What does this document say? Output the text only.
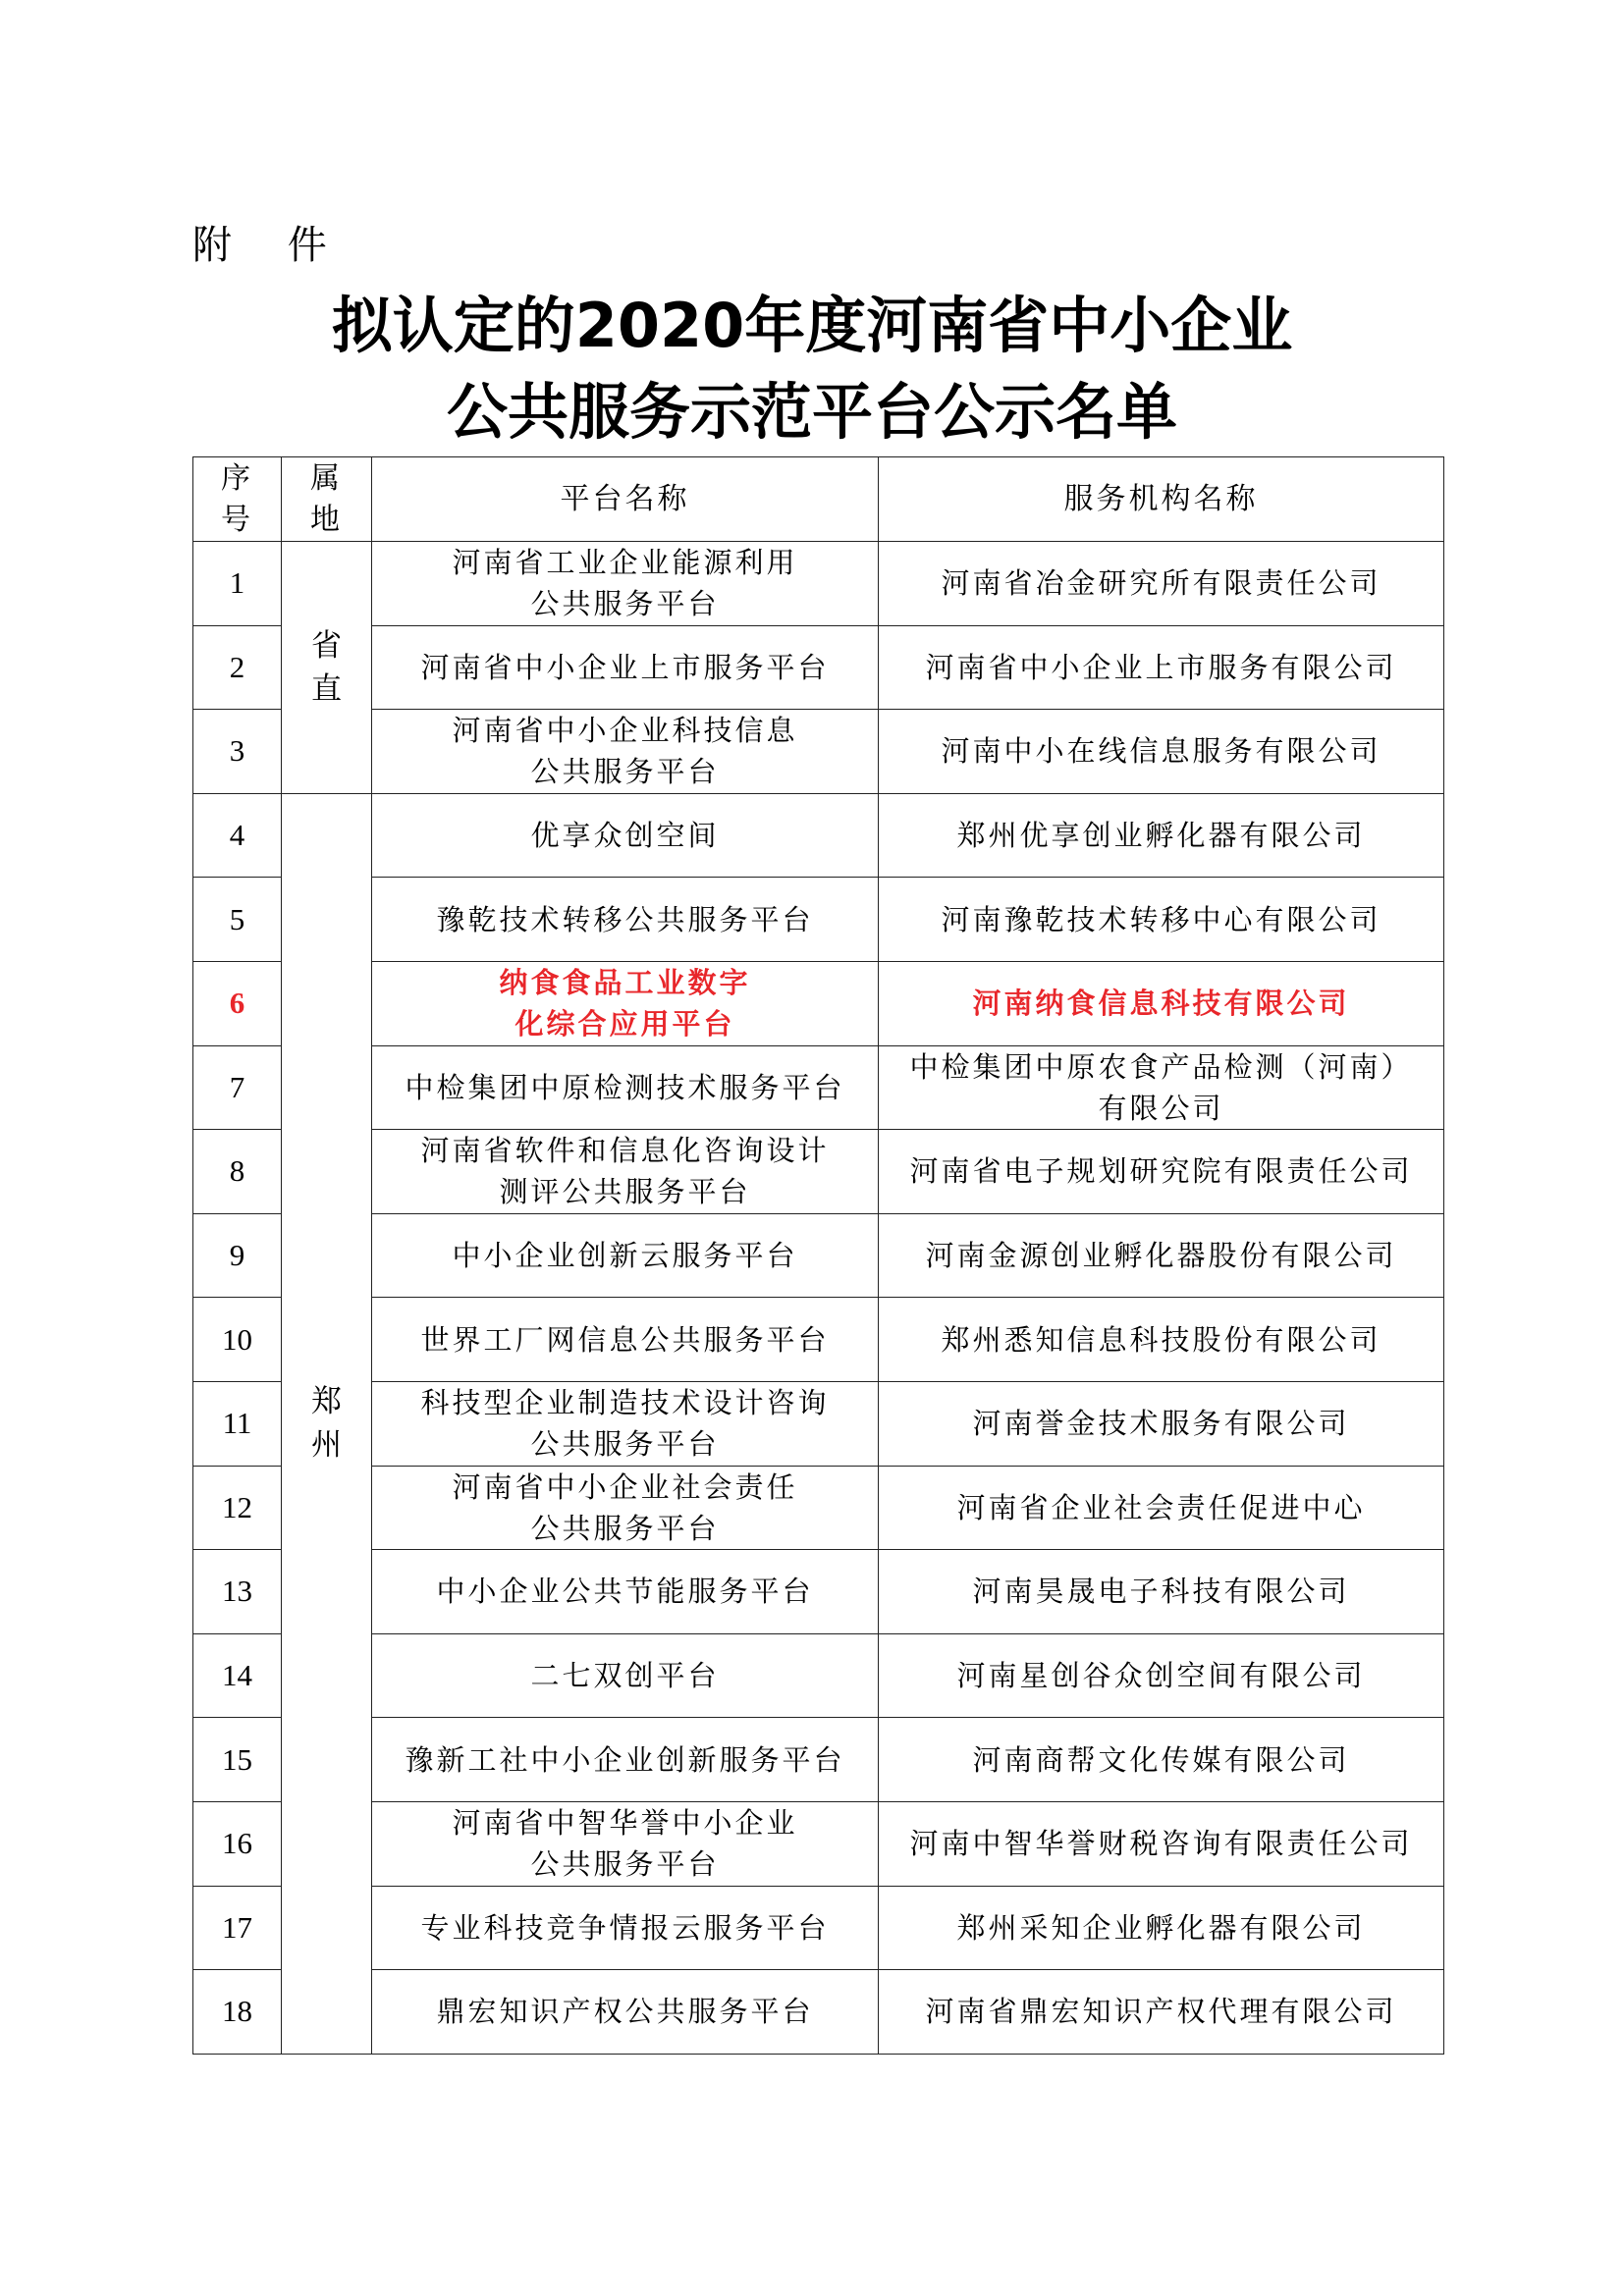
附 件
拟认定的2020年度河南省中小企业
公共服务示范平台公示名单
序号	属地	平台名称	服务机构名称
1	省直	河南省工业企业能源利用
公共服务平台	河南省冶金研究所有限责任公司

2		河南省中小企业上市服务平台	河南省中小企业上市服务有限公司

3		河南省中小企业科技信息
公共服务平台	河南中小在线信息服务有限公司

4	郑州	优享众创空间	郑州优享创业孵化器有限公司

5		豫乾技术转移公共服务平台	河南豫乾技术转移中心有限公司

6		纳食食品工业数字
化综合应用平台	河南纳食信息科技有限公司

7		中检集团中原检测技术服务平台	中检集团中原农食产品检测（河南）
有限公司

8		河南省软件和信息化咨询设计
测评公共服务平台	河南省电子规划研究院有限责任公司

9		中小企业创新云服务平台	河南金源创业孵化器股份有限公司

10		世界工厂网信息公共服务平台	郑州悉知信息科技股份有限公司

11		科技型企业制造技术设计咨询
公共服务平台	河南誉金技术服务有限公司

12		河南省中小企业社会责任
公共服务平台	河南省企业社会责任促进中心

13		中小企业公共节能服务平台	河南昊晟电子科技有限公司

14		二七双创平台	河南星创谷众创空间有限公司

15		豫新工社中小企业创新服务平台	河南商帮文化传媒有限公司

16		河南省中智华誉中小企业
公共服务平台	河南中智华誉财税咨询有限责任公司

17		专业科技竞争情报云服务平台	郑州采知企业孵化器有限公司

18		鼎宏知识产权公共服务平台	河南省鼎宏知识产权代理有限公司
